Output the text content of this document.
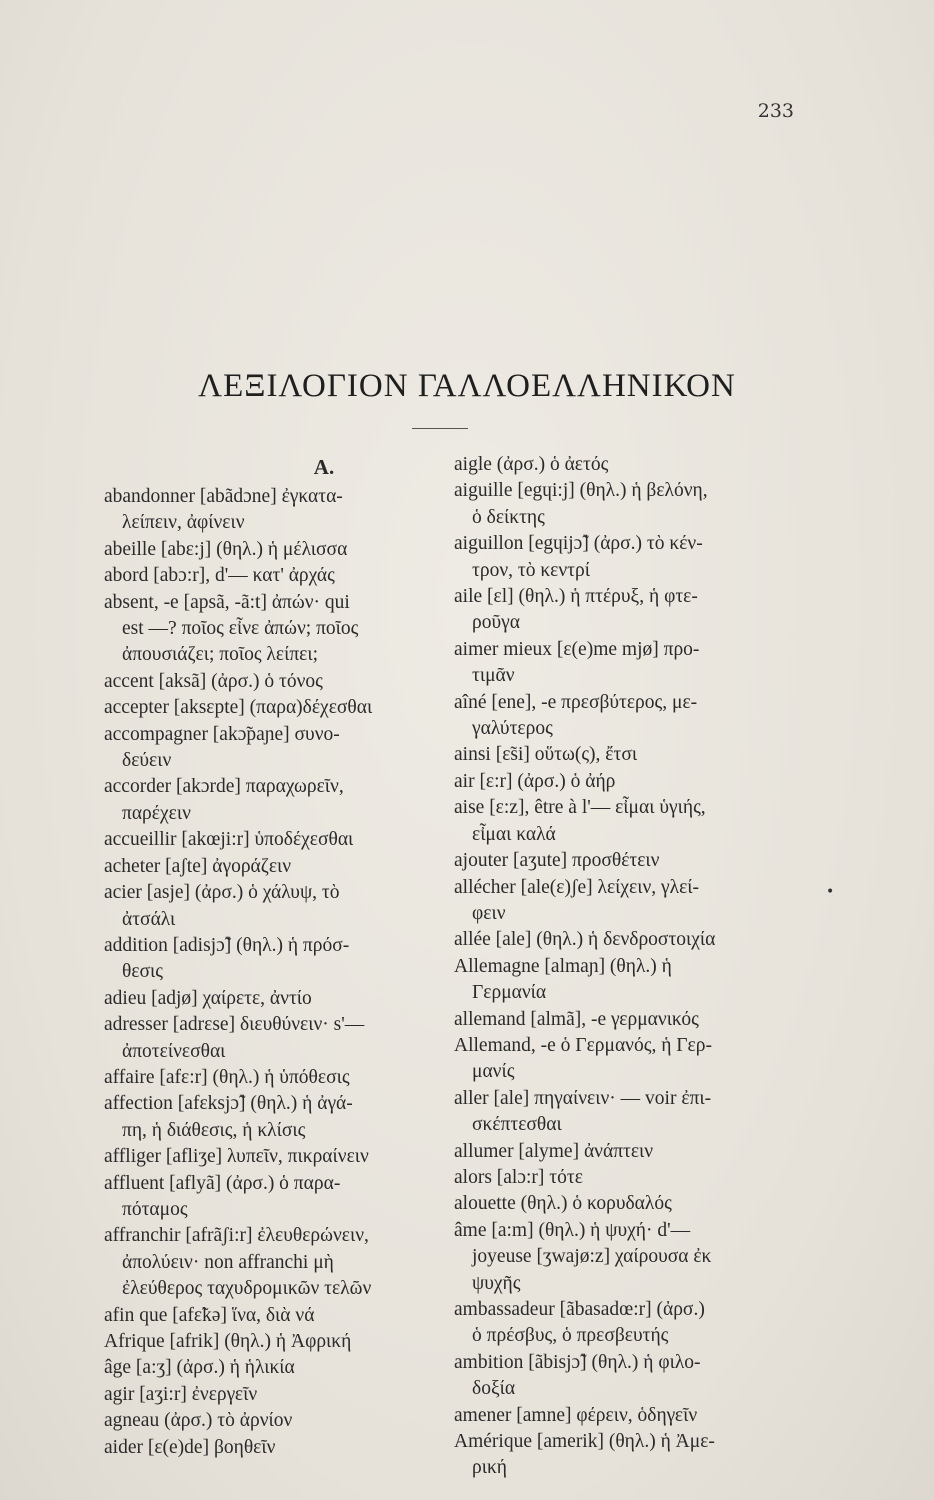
233
ΛΕΞΙΛΟΓΙΟΝ ΓΑΛΛΟΕΛΛΗΝΙΚΟΝ
A.
abandonner [abãdɔne] ἐγκατα-
λείπειν, ἀφίνειν
abeille [abɛ:j] (θηλ.) ἡ μέλισσα
abord [abɔ:r], d'— κατ' ἀρχάς
absent, -e [apsã, -ã:t] ἀπών· qui
est —? ποῖος εἶνε ἀπών; ποῖος
ἀπουσιάζει; ποῖος λείπει;
accent [aksã] (ἀρσ.) ὁ τόνος
accepter [aksɛpte] (παρα)δέχεσθαι
accompagner [akɔ̃paɲe] συνο-
δεύειν
accorder [akɔrde] παραχωρεῖν,
παρέχειν
accueillir [akœji:r] ὑποδέχεσθαι
acheter [aʃte] ἀγοράζειν
acier [asje] (ἀρσ.) ὁ χάλυψ, τὸ
ἀτσάλι
addition [adisjɔ̃] (θηλ.) ἡ πρόσ-
θεσις
adieu [adjø] χαίρετε, ἀντίο
adresser [adrɛse] διευθύνειν· s'—
ἀποτείνεσθαι
affaire [afɛ:r] (θηλ.) ἡ ὑπόθεσις
affection [afɛksjɔ̃] (θηλ.) ἡ ἀγά-
πη, ἡ διάθεσις, ἡ κλίσις
affliger [afliʒe] λυπεῖν, πικραίνειν
affluent [aflyã] (ἀρσ.) ὁ παρα-
πόταμος
affranchir [afrãʃi:r] ἐλευθερώνειν,
ἀπολύειν· non affranchi μὴ
ἐλεύθερος ταχυδρομικῶν τελῶν
afin que [afɛ̃kə] ἵνα, διὰ νά
Afrique [afrik] (θηλ.) ἡ Ἀφρική
âge [a:ʒ] (ἀρσ.) ἡ ἡλικία
agir [aʒi:r] ἐνεργεῖν
agneau (ἀρσ.) τὸ ἀρνίον
aider [ɛ(e)de] βοηθεῖν
aigle (ἀρσ.) ὁ ἀετός
aiguille [egɥi:j] (θηλ.) ἡ βελόνη,
ὁ δείκτης
aiguillon [egɥijɔ̃] (ἀρσ.) τὸ κέν-
τρον, τὸ κεντρί
aile [ɛl] (θηλ.) ἡ πτέρυξ, ἡ φτε-
ροῦγα
aimer mieux [ɛ(e)me mjø] προ-
τιμᾶν
aîné [ene], -e πρεσβύτερος, με-
γαλύτερος
ainsi [ɛ̃si] οὕτω(ς), ἔτσι
air [ɛ:r] (ἀρσ.) ὁ ἀήρ
aise [ɛ:z], être à l'— εἶμαι ὑγιής,
εἶμαι καλά
ajouter [aʒute] προσθέτειν
allécher [ale(ɛ)ʃe] λείχειν, γλεί-
φειν
allée [ale] (θηλ.) ἡ δενδροστοιχία
Allemagne [almaɲ] (θηλ.) ἡ
Γερμανία
allemand [almã], -e γερμανικός
Allemand, -e ὁ Γερμανός, ἡ Γερ-
μανίς
aller [ale] πηγαίνειν· — voir ἐπι-
σκέπτεσθαι
allumer [alyme] ἀνάπτειν
alors [alɔ:r] τότε
alouette (θηλ.) ὁ κορυδαλός
âme [a:m] (θηλ.) ἡ ψυχή· d'—
joyeuse [ʒwajø:z] χαίρουσα ἐκ
ψυχῆς
ambassadeur [ãbasadœ:r] (ἀρσ.)
ὁ πρέσβυς, ὁ πρεσβευτής
ambition [ãbisjɔ̃] (θηλ.) ἡ φιλο-
δοξία
amener [amne] φέρειν, ὁδηγεῖν
Amérique [amerik] (θηλ.) ἡ Ἀμε-
ρική
•
